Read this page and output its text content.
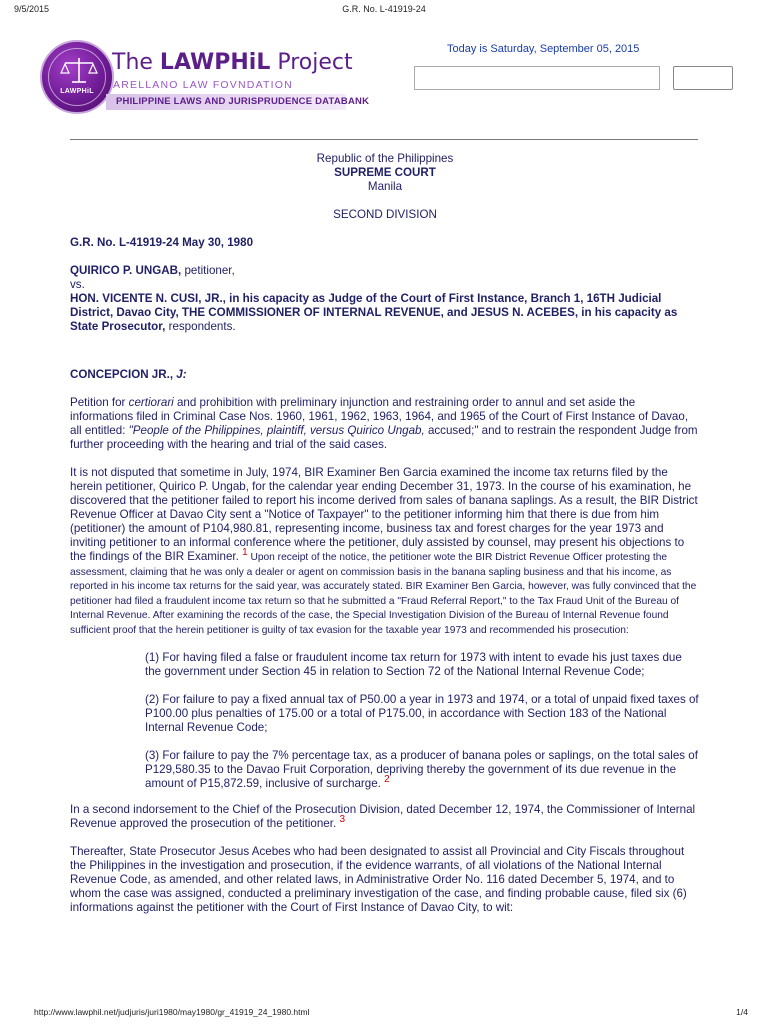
9/5/2015	G.R. No. L-41919-24
LAWPHiL
The LAWPHiL Project
ARELLANO LAW FOVNDATION
PHILIPPINE LAWS AND JURISPRUDENCE DATABANK
Today is Saturday, September 05, 2015

Republic of the Philippines

SUPREME COURT

Manila

SECOND DIVISION

G.R. No. L-41919-24 May 30, 1980

QUIRICO P. UNGAB, petitioner,

vs.

HON. VICENTE N. CUSI, JR., in his capacity as Judge of the Court of First Instance, Branch 1, 16TH Judicial District, Davao City, THE COMMISSIONER OF INTERNAL REVENUE, and JESUS N. ACEBES, in his capacity as State Prosecutor, respondents.

CONCEPCION JR., J:

Petition for certiorari and prohibition with preliminary injunction and restraining order to annul and set aside the informations filed in Criminal Case Nos. 1960, 1961, 1962, 1963, 1964, and 1965 of the Court of First Instance of Davao, all entitled: "People of the Philippines, plaintiff, versus Quirico Ungab, accused;" and to restrain the respondent Judge from further proceeding with the hearing and trial of the said cases.

It is not disputed that sometime in July, 1974, BIR Examiner Ben Garcia examined the income tax returns filed by the herein petitioner, Quirico P. Ungab, for the calendar year ending December 31, 1973. In the course of his examination, he discovered that the petitioner failed to report his income derived from sales of banana saplings. As a result, the BIR District Revenue Officer at Davao City sent a "Notice of Taxpayer" to the petitioner informing him that there is due from him (petitioner) the amount of P104,980.81, representing income, business tax and forest charges for the year 1973 and inviting petitioner to an informal conference where the petitioner, duly assisted by counsel, may present his objections to the findings of the BIR Examiner. 1 Upon receipt of the notice, the petitioner wote the BIR District Revenue Officer protesting the assessment, claiming that he was only a dealer or agent on commission basis in the banana sapling business and that his income, as reported in his income tax returns for the said year, was accurately stated. BIR Examiner Ben Garcia, however, was fully convinced that the petitioner had filed a fraudulent income tax return so that he submitted a "Fraud Referral Report," to the Tax Fraud Unit of the Bureau of Internal Revenue. After examining the records of the case, the Special Investigation Division of the Bureau of Internal Revenue found sufficient proof that the herein petitioner is guilty of tax evasion for the taxable year 1973 and recommended his prosecution:

(1) For having filed a false or fraudulent income tax return for 1973 with intent to evade his just taxes due the government under Section 45 in relation to Section 72 of the National Internal Revenue Code;

(2) For failure to pay a fixed annual tax of P50.00 a year in 1973 and 1974, or a total of unpaid fixed taxes of P100.00 plus penalties of 175.00 or a total of P175.00, in accordance with Section 183 of the National Internal Revenue Code;

(3) For failure to pay the 7% percentage tax, as a producer of banana poles or saplings, on the total sales of P129,580.35 to the Davao Fruit Corporation, depriving thereby the government of its due revenue in the amount of P15,872.59, inclusive of surcharge. 2

In a second indorsement to the Chief of the Prosecution Division, dated December 12, 1974, the Commissioner of Internal Revenue approved the prosecution of the petitioner. 3

Thereafter, State Prosecutor Jesus Acebes who had been designated to assist all Provincial and City Fiscals throughout the Philippines in the investigation and prosecution, if the evidence warrants, of all violations of the National Internal Revenue Code, as amended, and other related laws, in Administrative Order No. 116 dated December 5, 1974, and to whom the case was assigned, conducted a preliminary investigation of the case, and finding probable cause, filed six (6) informations against the petitioner with the Court of First Instance of Davao City, to wit:

http://www.lawphil.net/judjuris/juri1980/may1980/gr_41919_24_1980.html	1/4
